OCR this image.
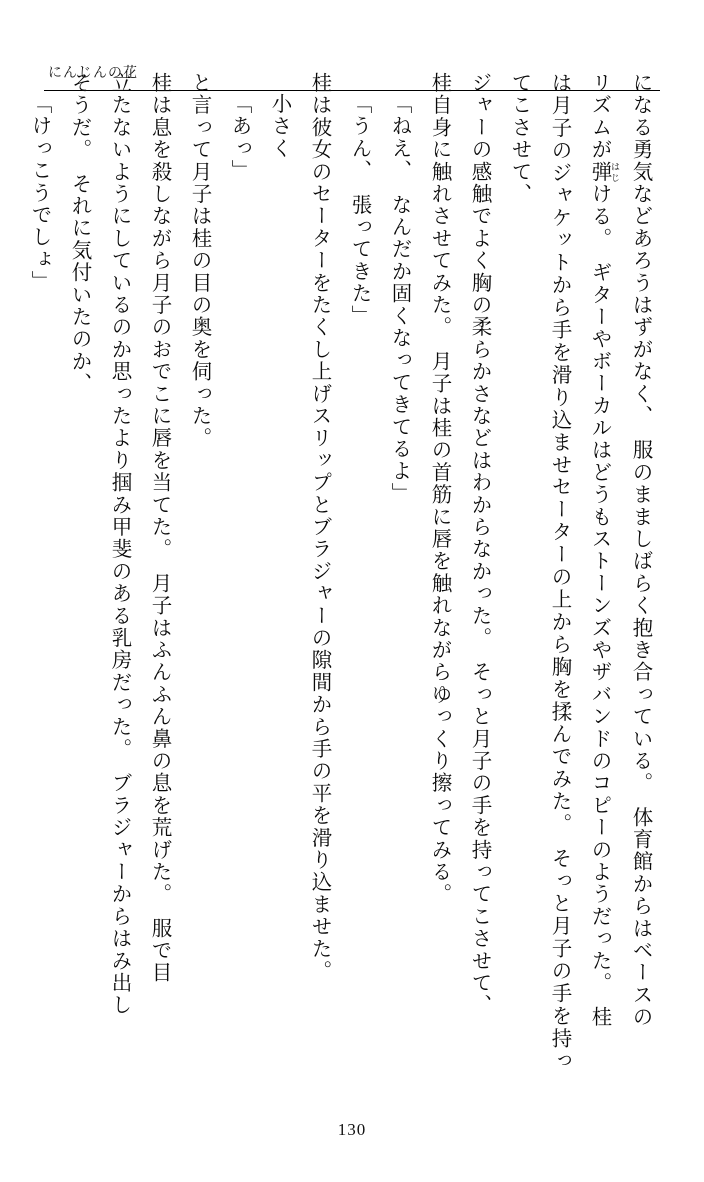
にんじんの花	になる勇気などあろうはずがなく、　服のまましばらく抱き合っている。　体育館からはベースの

リズムが弾 はじける。　ギターやボーカルはどうもストーンズやザバンドのコピーのようだった。　桂

は月子のジャケットから手を滑り込ませセーターの上から胸を揉んでみた。　そっと月子の手を持ってこさせて、

ジャーの感触でよく胸の柔らかさなどはわからなかった。　そっと月子の手を持ってこさせて、

桂自身に触れさせてみた。　月子は桂の首筋に唇を触れながらゆっくり擦ってみる。

「ねえ、　なんだか固くなってきてるよ」

「うん、　張ってきた」

桂は彼女のセーターをたくし上げスリップとブラジャーの隙間から手の平を滑り込ませた。

小さく

「あっ」

と言って月子は桂の目の奥を伺った。

桂は息を殺しながら月子のおでこに唇を当てた。　月子はふんふん鼻の息を荒げた。　服で目

立たないようにしているのか思ったより掴み甲斐のある乳房だった。　ブラジャーからはみ出し

そうだ。　それに気付いたのか、

「けっこうでしょ」

130
